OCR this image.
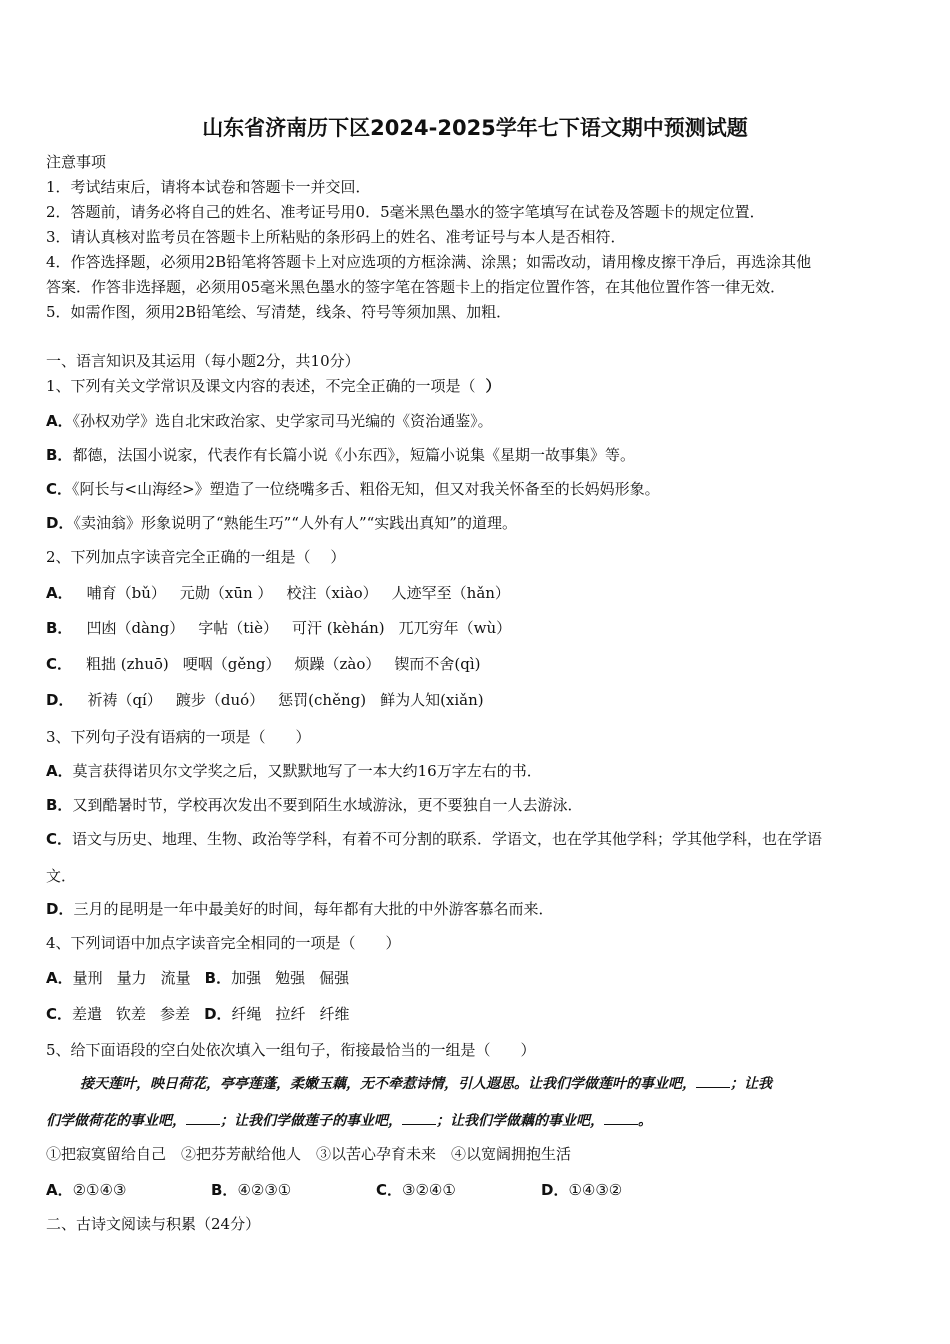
山东省济南历下区2024-2025学年七下语文期中预测试题
注意事项
1．考试结束后，请将本试卷和答题卡一并交回．
2．答题前，请务必将自己的姓名、准考证号用0．5毫米黑色墨水的签字笔填写在试卷及答题卡的规定位置．
3．请认真核对监考员在答题卡上所粘贴的条形码上的姓名、准考证号与本人是否相符．
4．作答选择题，必须用2B铅笔将答题卡上对应选项的方框涂满、涂黑；如需改动，请用橡皮擦干净后，再选涂其他
答案．作答非选择题，必须用05毫米黑色墨水的签字笔在答题卡上的指定位置作答，在其他位置作答一律无效．
5．如需作图，须用2B铅笔绘、写清楚，线条、符号等须加黑、加粗．
一、语言知识及其运用（每小题2分，共10分）
1、下列有关文学常识及课文内容的表述，不完全正确的一项是（ ）
A．《孙权劝学》选自北宋政治家、史学家司马光编的《资治通鉴》。
B．都德，法国小说家，代表作有长篇小说《小东西》，短篇小说集《星期一故事集》等。
C．《阿长与<山海经>》塑造了一位绕嘴多舌、粗俗无知，但又对我关怀备至的长妈妈形象。
D．《卖油翁》形象说明了“熟能生巧”“人外有人”“实践出真知”的道理。
2、下列加点字读音完全正确的一组是（　 ）
A． 哺育（bǔ） 元勋（xūn ） 校注（xiào） 人迹罕至（hǎn）
B． 凹凼（dàng） 字帖（tiè） 可汗 (kèhán) 兀兀穷年（wù）
C． 粗拙 (zhuō) 哽咽（gěng） 烦躁（zào） 锲而不舍(qì)
D． 祈祷（qí） 踱步（duó） 惩罚(chěng) 鲜为人知(xiǎn)
3、下列句子没有语病的一项是（　　）
A．莫言获得诺贝尔文学奖之后，又默默地写了一本大约16万字左右的书．
B．又到酷暑时节，学校再次发出不要到陌生水域游泳，更不要独自一人去游泳．
C．语文与历史、地理、生物、政治等学科，有着不可分割的联系．学语文，也在学其他学科；学其他学科，也在学语
文．
D．三月的昆明是一年中最美好的时间，每年都有大批的中外游客慕名而来．
4、下列词语中加点字读音完全相同的一项是（　　）
A．量刑 量力 流量 B．加强 勉强 倔强
C．差遣 钦差 参差 D．纤绳 拉纤 纤维
5、给下面语段的空白处依次填入一组句子，衔接最恰当的一组是（　　）
接天莲叶，映日荷花，亭亭莲蓬，柔嫩玉藕，无不牵惹诗情，引人遐思。让我们学做莲叶的事业吧， ；让我
们学做荷花的事业吧， ；让我们学做莲子的事业吧， ；让我们学做藕的事业吧， 。
①把寂寞留给自己　②把芬芳献给他人　③以苦心孕育未来　④以宽阔拥抱生活
A．②①④③	B．④②③①	C．③②④①	D．①④③②
二、古诗文阅读与积累（24分）
